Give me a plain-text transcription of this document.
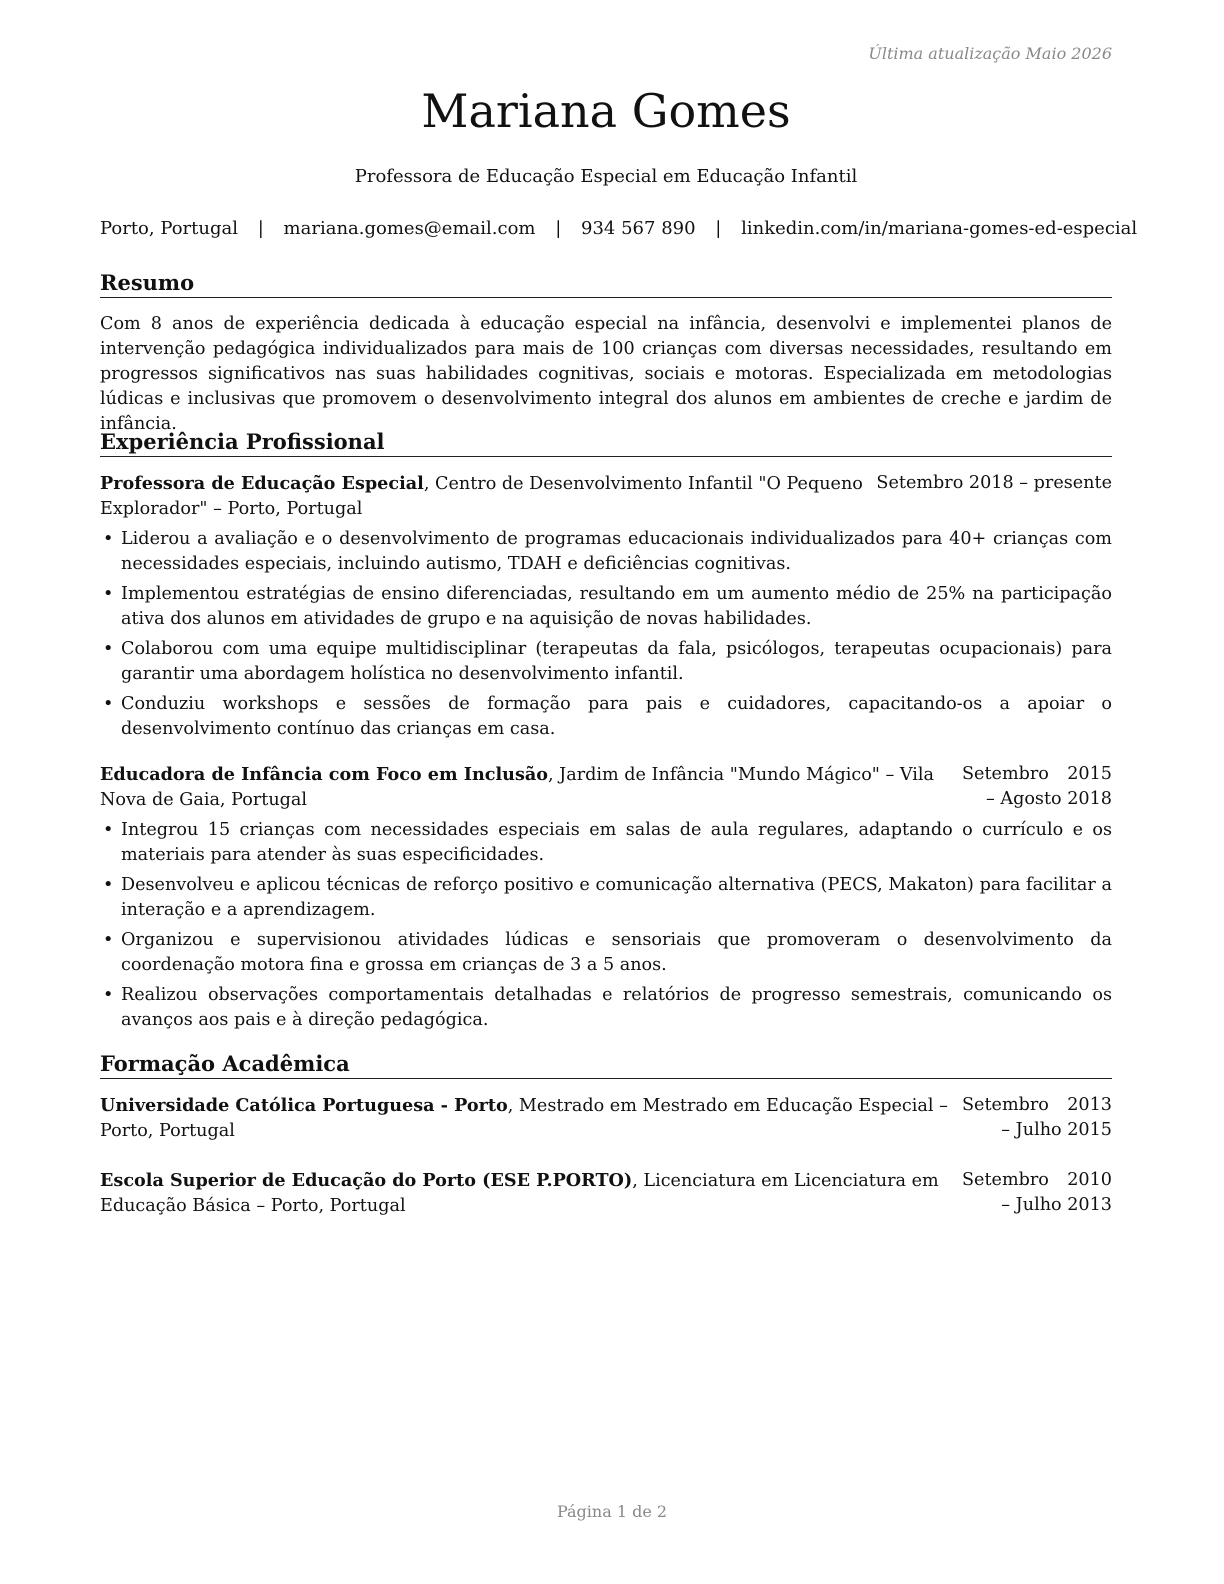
Última atualização Maio 2026
Mariana Gomes
Professora de Educação Especial em Educação Infantil
Porto, Portugal | mariana.gomes@email.com | 934 567 890 | linkedin.com/in/mariana-gomes-ed-especial
Resumo

Com 8 anos de experiência dedicada à educação especial na infância, desenvolvi e implementei planos de intervenção pedagógica individualizados para mais de 100 crianças com diversas necessidades, resultando em progressos significativos nas suas habilidades cognitivas, sociais e motoras. Especializada em metodologias lúdicas e inclusivas que promovem o desenvolvimento integral dos alunos em ambientes de creche e jardim de infância.

Experiência Profissional
Professora de Educação Especial, Centro de Desenvolvimento Infantil "O Pequeno Explorador" – Porto, Portugal
Setembro 2018 – presente
• Liderou a avaliação e o desenvolvimento de programas educacionais individualizados para 40+ crianças com necessidades especiais, incluindo autismo, TDAH e deficiências cognitivas.
• Implementou estratégias de ensino diferenciadas, resultando em um aumento médio de 25% na participação ativa dos alunos em atividades de grupo e na aquisição de novas habilidades.
• Colaborou com uma equipe multidisciplinar (terapeutas da fala, psicólogos, terapeutas ocupacionais) para garantir uma abordagem holística no desenvolvimento infantil.
• Conduziu workshops e sessões de formação para pais e cuidadores, capacitando-os a apoiar o desenvolvimento contínuo das crianças em casa.
Educadora de Infância com Foco em Inclusão, Jardim de Infância "Mundo Mágico" – Vila Nova de Gaia, Portugal
Setembro 2015 – Agosto 2018
• Integrou 15 crianças com necessidades especiais em salas de aula regulares, adaptando o currículo e os materiais para atender às suas especificidades.
• Desenvolveu e aplicou técnicas de reforço positivo e comunicação alternativa (PECS, Makaton) para facilitar a interação e a aprendizagem.
• Organizou e supervisionou atividades lúdicas e sensoriais que promoveram o desenvolvimento da coordenação motora fina e grossa em crianças de 3 a 5 anos.
• Realizou observações comportamentais detalhadas e relatórios de progresso semestrais, comunicando os avanços aos pais e à direção pedagógica.
Formação Acadêmica
Universidade Católica Portuguesa - Porto, Mestrado em Mestrado em Educação Especial – Porto, Portugal
Setembro 2013 – Julho 2015
Escola Superior de Educação do Porto (ESE P.PORTO), Licenciatura em Licenciatura em Educação Básica – Porto, Portugal
Setembro 2010 – Julho 2013
Página 1 de 2
